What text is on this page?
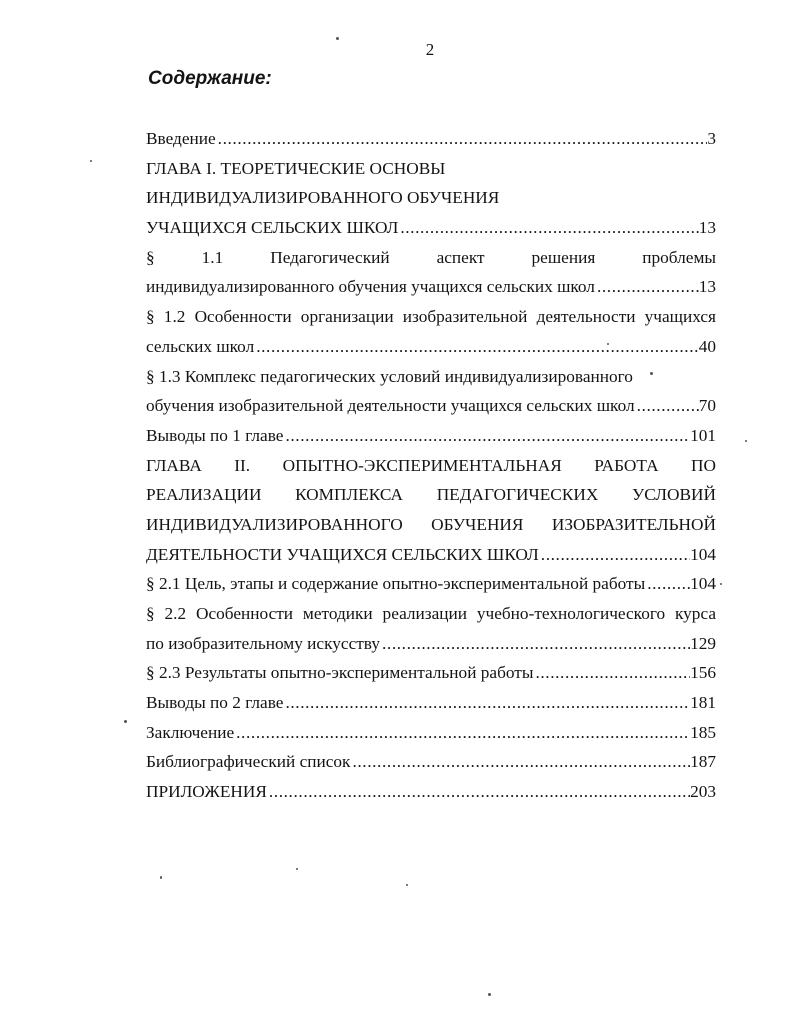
2
Содержание:
Введение .....	3
ГЛАВА I. ТЕОРЕТИЧЕСКИЕ ОСНОВЫ
ИНДИВИДУАЛИЗИРОВАННОГО ОБУЧЕНИЯ
УЧАЩИХСЯ СЕЛЬСКИХ ШКОЛ .....	13
§ 1.1 Педагогический аспект решения проблемы
индивидуализированного обучения учащихся сельских школ .....	13
§ 1.2 Особенности организации изобразительной деятельности учащихся
сельских школ .....	40
§ 1.3 Комплекс педагогических условий индивидуализированного
обучения изобразительной деятельности учащихся сельских школ .....	70
Выводы по 1 главе .....	101
ГЛАВА II. ОПЫТНО-ЭКСПЕРИМЕНТАЛЬНАЯ РАБОТА ПО
РЕАЛИЗАЦИИ КОМПЛЕКСА ПЕДАГОГИЧЕСКИХ УСЛОВИЙ
ИНДИВИДУАЛИЗИРОВАННОГО ОБУЧЕНИЯ ИЗОБРАЗИТЕЛЬНОЙ
ДЕЯТЕЛЬНОСТИ УЧАЩИХСЯ СЕЛЬСКИХ ШКОЛ .....	104
§ 2.1 Цель, этапы и содержание опытно-экспериментальной работы .....	104
§ 2.2 Особенности методики реализации учебно-технологического курса
по изобразительному искусству .....	129
§ 2.3 Результаты опытно-экспериментальной работы .....	156
Выводы по 2 главе .....	181
Заключение .....	185
Библиографический список .....	187
ПРИЛОЖЕНИЯ .....	203
